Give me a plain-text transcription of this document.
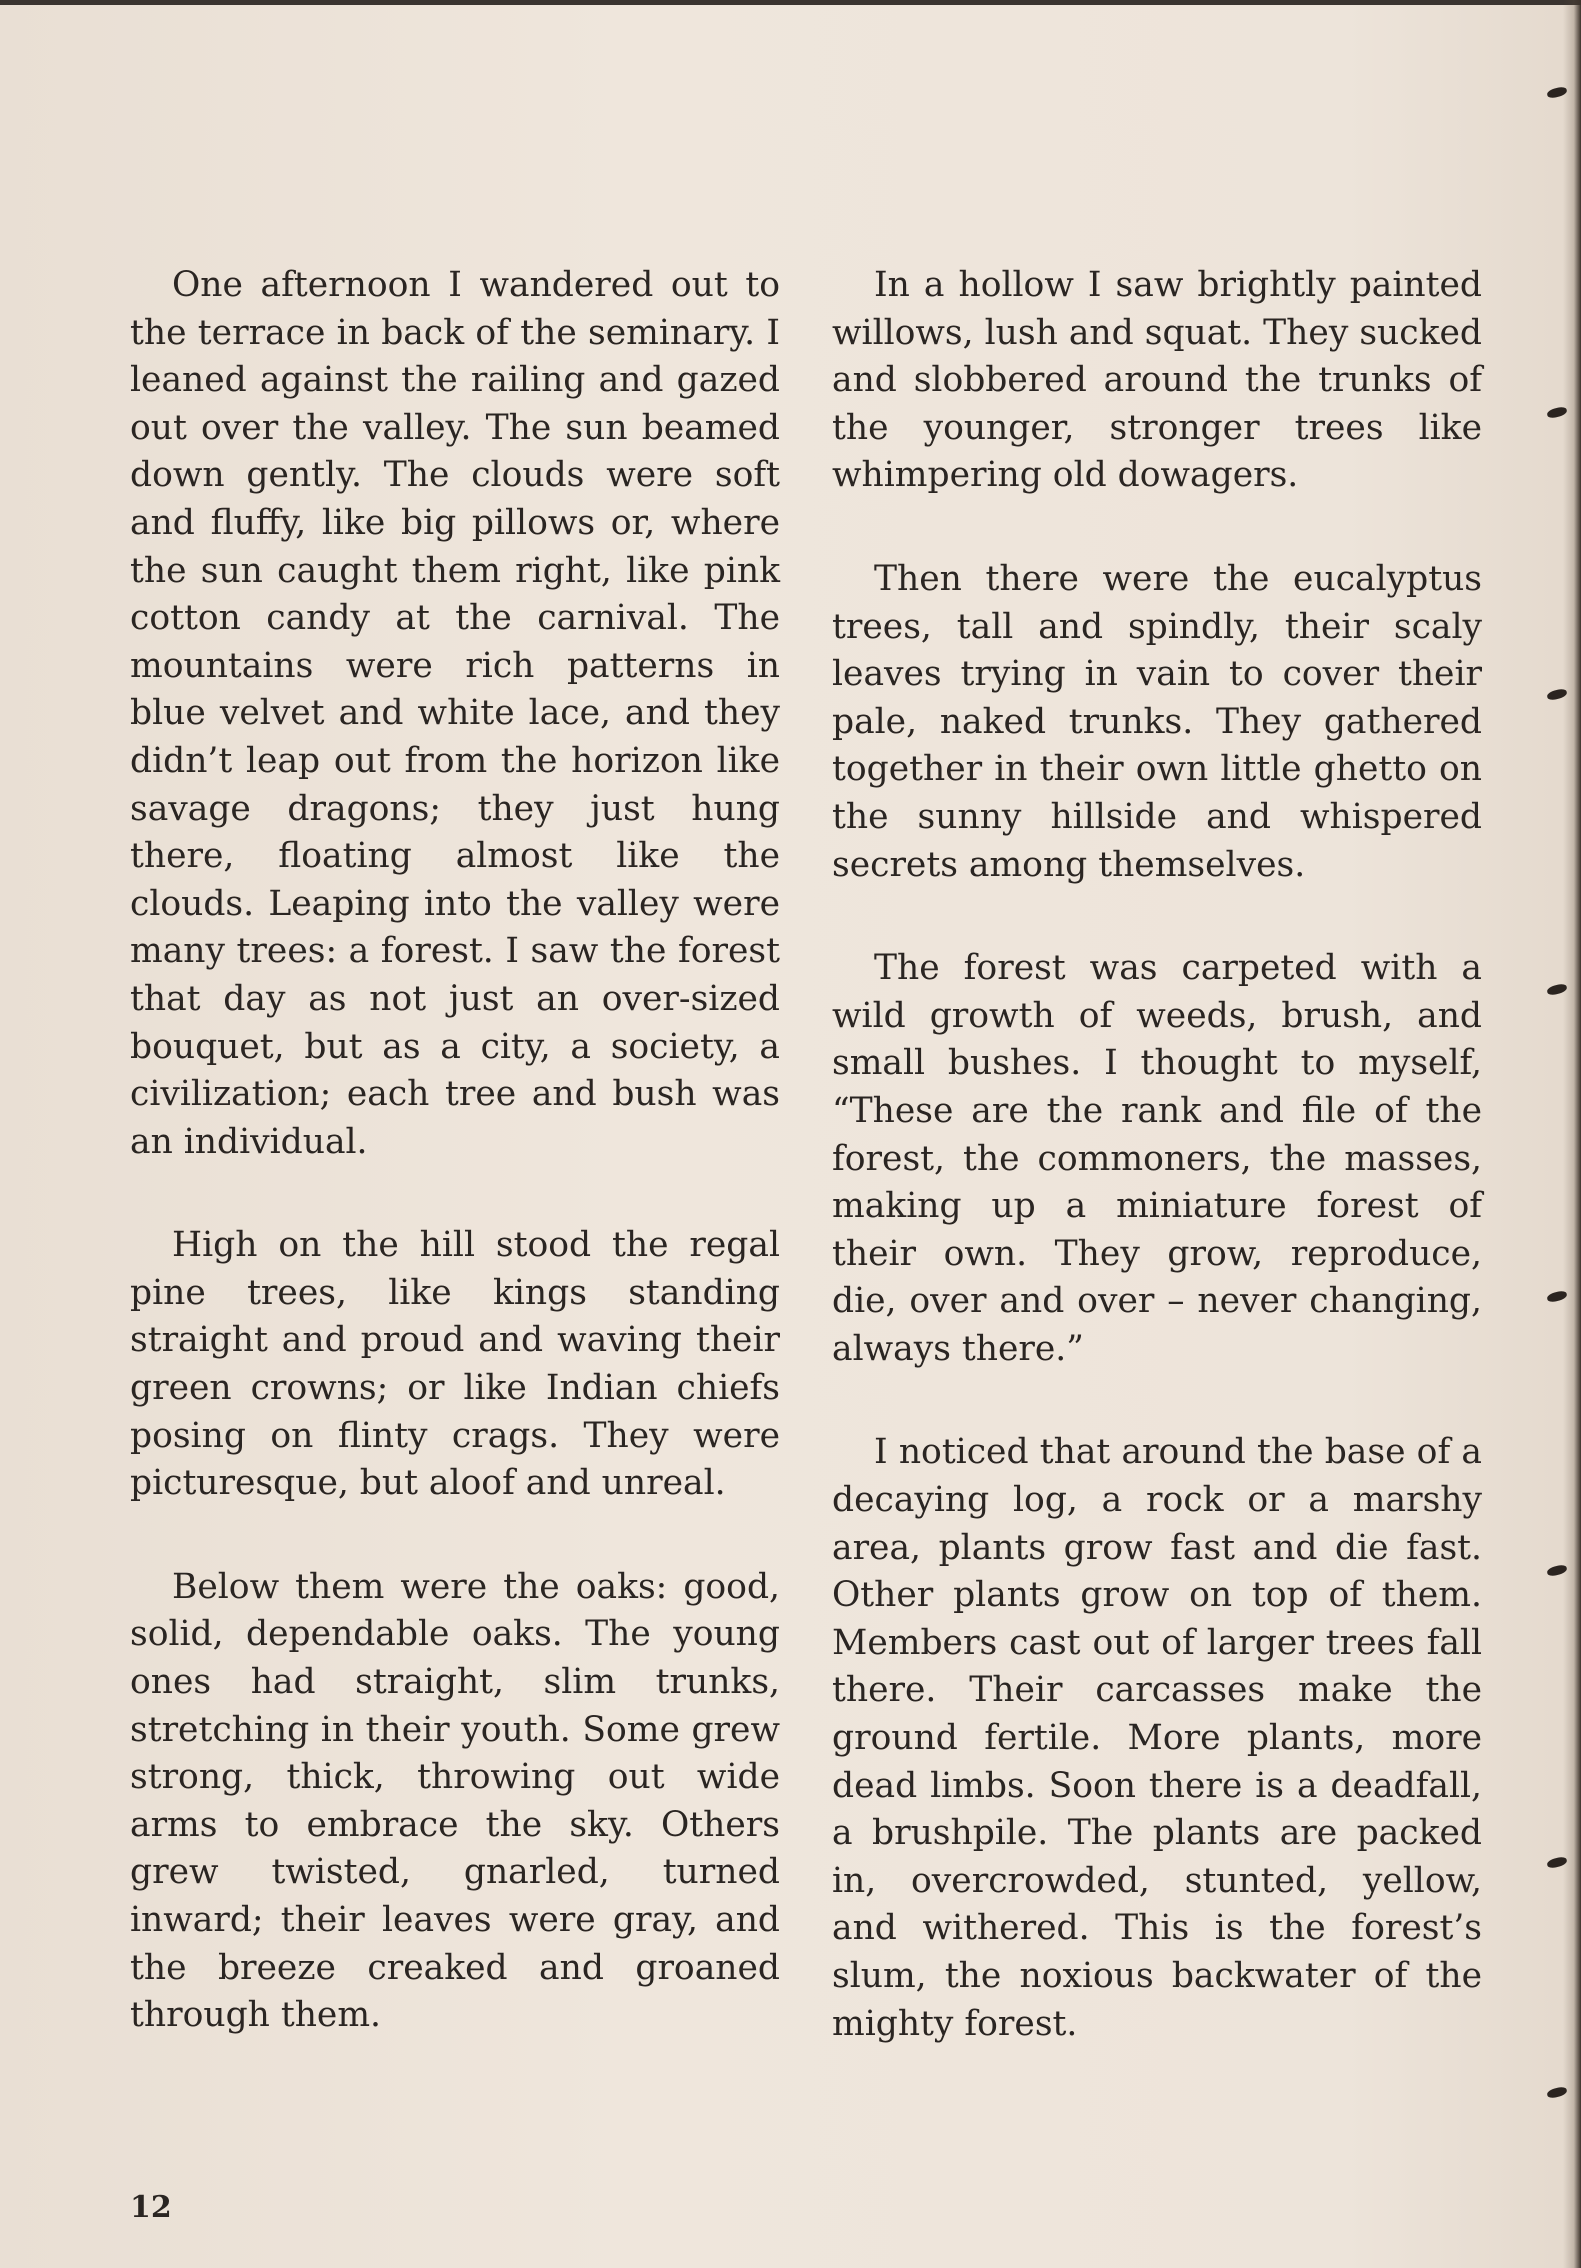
One afternoon I wandered out to the terrace in back of the seminary. I leaned against the railing and gazed out over the valley. The sun beamed down gently. The clouds were soft and fluffy, like big pillows or, where the sun caught them right, like pink cotton candy at the carnival. The mountains were rich patterns in blue velvet and white lace, and they didn’t leap out from the horizon like savage dragons; they just hung there, floating almost like the clouds. Leaping into the valley were many trees: a forest. I saw the forest that day as not just an over-sized bouquet, but as a city, a society, a civilization; each tree and bush was an individual.

High on the hill stood the regal pine trees, like kings standing straight and proud and waving their green crowns; or like Indian chiefs posing on flinty crags. They were picturesque, but aloof and unreal.

Below them were the oaks: good, solid, dependable oaks. The young ones had straight, slim trunks, stretching in their youth. Some grew strong, thick, throwing out wide arms to embrace the sky. Others grew twisted, gnarled, turned inward; their leaves were gray, and the breeze creaked and groaned through them.

In a hollow I saw brightly painted willows, lush and squat. They sucked and slobbered around the trunks of the younger, stronger trees like whimpering old dowagers.

Then there were the eucalyptus trees, tall and spindly, their scaly leaves trying in vain to cover their pale, naked trunks. They gathered together in their own little ghetto on the sunny hillside and whispered secrets among themselves.

The forest was carpeted with a wild growth of weeds, brush, and small bushes. I thought to myself, “These are the rank and file of the forest, the commoners, the masses, making up a miniature forest of their own. They grow, reproduce, die, over and over – never changing, always there.”

I noticed that around the base of a decaying log, a rock or a marshy area, plants grow fast and die fast. Other plants grow on top of them. Members cast out of larger trees fall there. Their carcasses make the ground fertile. More plants, more dead limbs. Soon there is a deadfall, a brushpile. The plants are packed in, overcrowded, stunted, yellow, and withered. This is the forest’s slum, the noxious backwater of the mighty forest.

12
